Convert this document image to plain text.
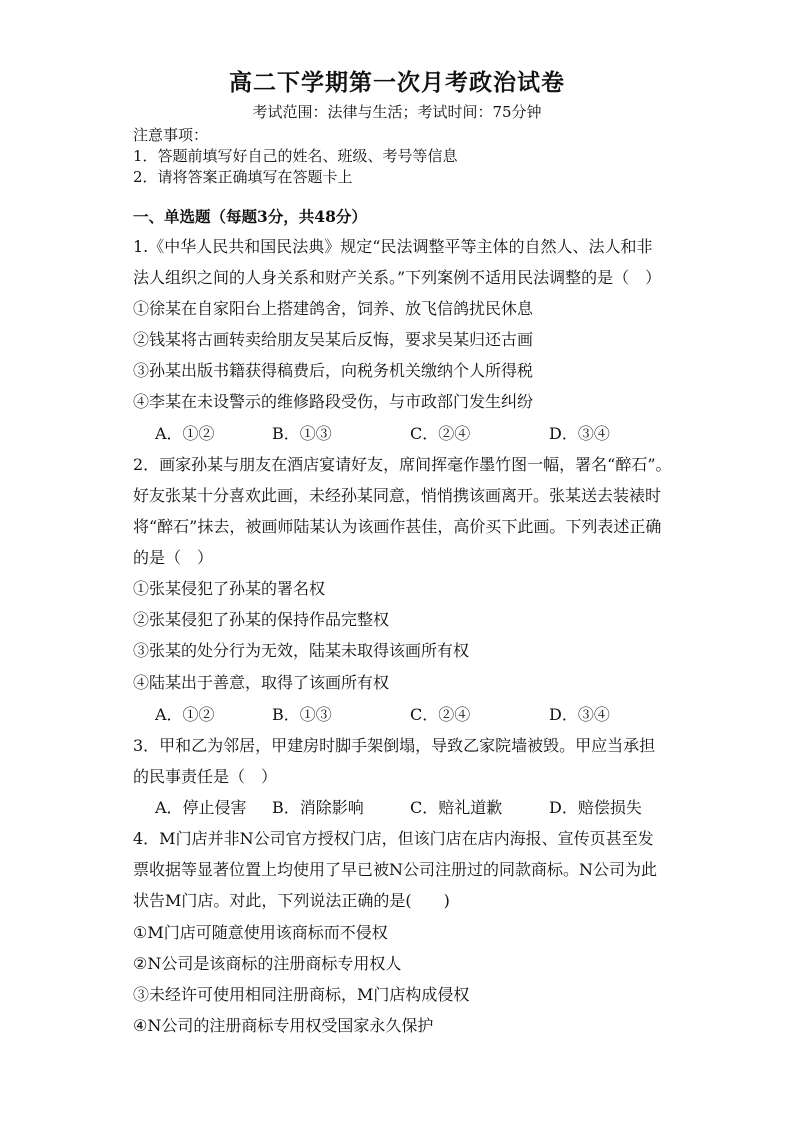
高二下学期第一次月考政治试卷
考试范围：法律与生活；考试时间：75分钟
注意事项：
1．答题前填写好自己的姓名、班级、考号等信息
2．请将答案正确填写在答题卡上
一、单选题（每题3分，共48分）
1.《中华人民共和国民法典》规定“民法调整平等主体的自然人、法人和非
法人组织之间的人身关系和财产关系。”下列案例不适用民法调整的是（　）
①徐某在自家阳台上搭建鸽舍，饲养、放飞信鸽扰民休息
②钱某将古画转卖给朋友吴某后反悔，要求吴某归还古画
③孙某出版书籍获得稿费后，向税务机关缴纳个人所得税
④李某在未设警示的维修路段受伤，与市政部门发生纠纷
A．①②	B．①③	C．②④	D．③④
2．画家孙某与朋友在酒店宴请好友，席间挥毫作墨竹图一幅，署名“醉石”。
好友张某十分喜欢此画，未经孙某同意，悄悄携该画离开。张某送去装裱时
将“醉石”抹去，被画师陆某认为该画作甚佳，高价买下此画。下列表述正确
的是（　）
①张某侵犯了孙某的署名权
②张某侵犯了孙某的保持作品完整权
③张某的处分行为无效，陆某未取得该画所有权
④陆某出于善意，取得了该画所有权
A．①②	B．①③	C．②④	D．③④
3．甲和乙为邻居，甲建房时脚手架倒塌，导致乙家院墙被毁。甲应当承担
的民事责任是（　）
A．停止侵害 B．消除影响	C．赔礼道歉	D．赔偿损失
4．M门店并非N公司官方授权门店，但该门店在店内海报、宣传页甚至发
票收据等显著位置上均使用了早已被N公司注册过的同款商标。N公司为此
状告M门店。对此，下列说法正确的是(　　)
①M门店可随意使用该商标而不侵权
②N公司是该商标的注册商标专用权人
③未经许可使用相同注册商标，M门店构成侵权
④N公司的注册商标专用权受国家永久保护
